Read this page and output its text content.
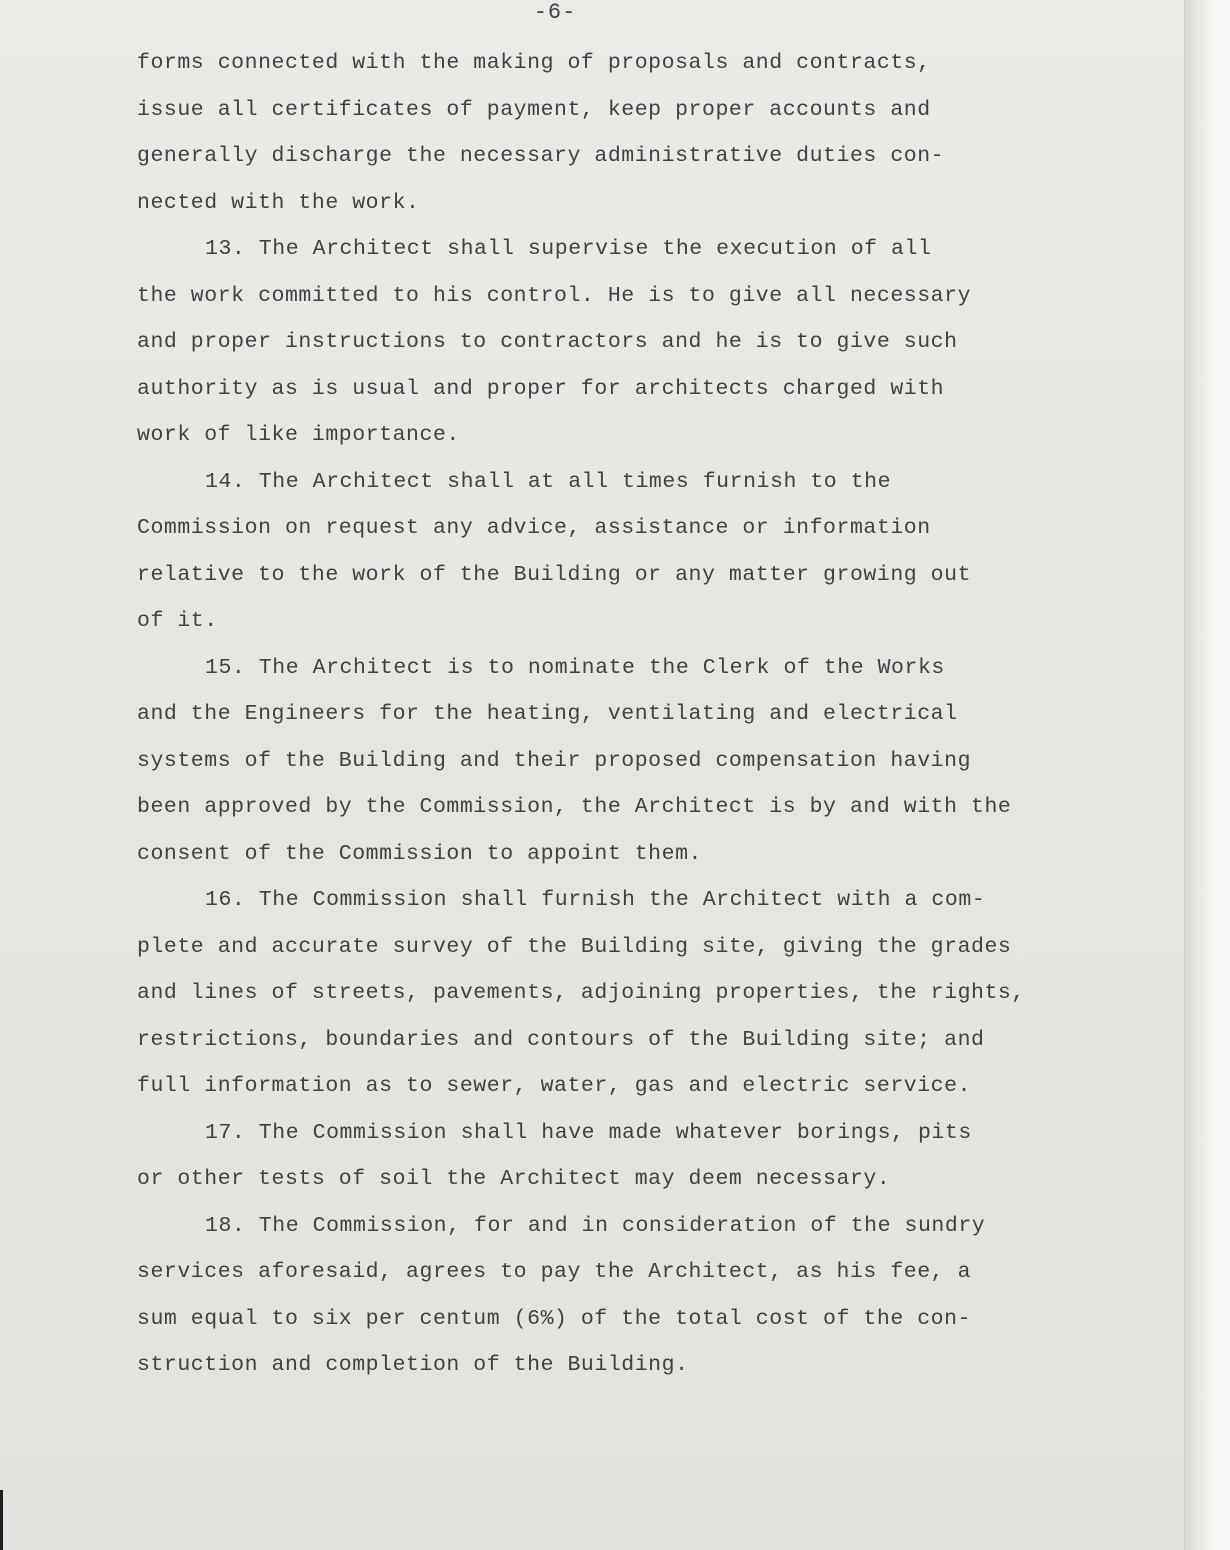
-6-
forms connected with the making of proposals and contracts,
issue all certificates of payment, keep proper accounts and
generally discharge the necessary administrative duties con-
nected with the work.
13. The Architect shall supervise the execution of all
the work committed to his control. He is to give all necessary
and proper instructions to contractors and he is to give such
authority as is usual and proper for architects charged with
work of like importance.
14. The Architect shall at all times furnish to the
Commission on request any advice, assistance or information
relative to the work of the Building or any matter growing out
of it.
15. The Architect is to nominate the Clerk of the Works
and the Engineers for the heating, ventilating and electrical
systems of the Building and their proposed compensation having
been approved by the Commission, the Architect is by and with the
consent of the Commission to appoint them.
16. The Commission shall furnish the Architect with a com-
plete and accurate survey of the Building site, giving the grades
and lines of streets, pavements, adjoining properties, the rights,
restrictions, boundaries and contours of the Building site; and
full information as to sewer, water, gas and electric service.
17. The Commission shall have made whatever borings, pits
or other tests of soil the Architect may deem necessary.
18. The Commission, for and in consideration of the sundry
services aforesaid, agrees to pay the Architect, as his fee, a
sum equal to six per centum (6%) of the total cost of the con-
struction and completion of the Building.
